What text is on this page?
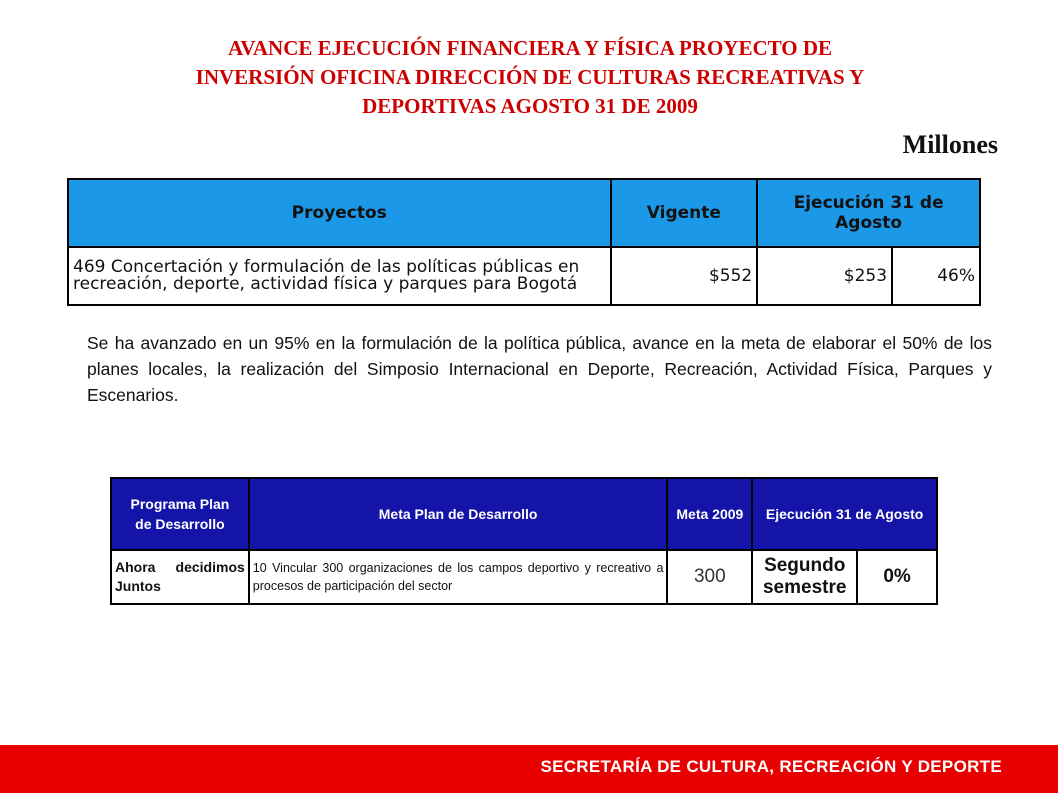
AVANCE EJECUCIÓN FINANCIERA Y FÍSICA PROYECTO DE
INVERSIÓN OFICINA DIRECCIÓN DE CULTURAS RECREATIVAS Y
DEPORTIVAS AGOSTO 31 DE 2009
Millones
Proyectos	Vigente	Ejecución 31 de Agosto	
469 Concertación y formulación de las políticas públicas en recreación, deporte, actividad física y parques para Bogotá	$552	$253	46%

Se ha avanzado en un 95% en la formulación de la política pública, avance en la meta de elaborar el 50% de los planes locales, la realización del Simposio Internacional en Deporte, Recreación, Actividad Física, Parques y Escenarios.

Programa Plan de Desarrollo	Meta Plan de Desarrollo	Meta 2009	Ejecución 31 de Agosto	
Ahora decidimos Juntos	10 Vincular 300 organizaciones de los campos deportivo y recreativo a procesos de participación del sector	300	Segundo semestre	0%
SECRETARÍA DE CULTURA, RECREACIÓN Y DEPORTE
